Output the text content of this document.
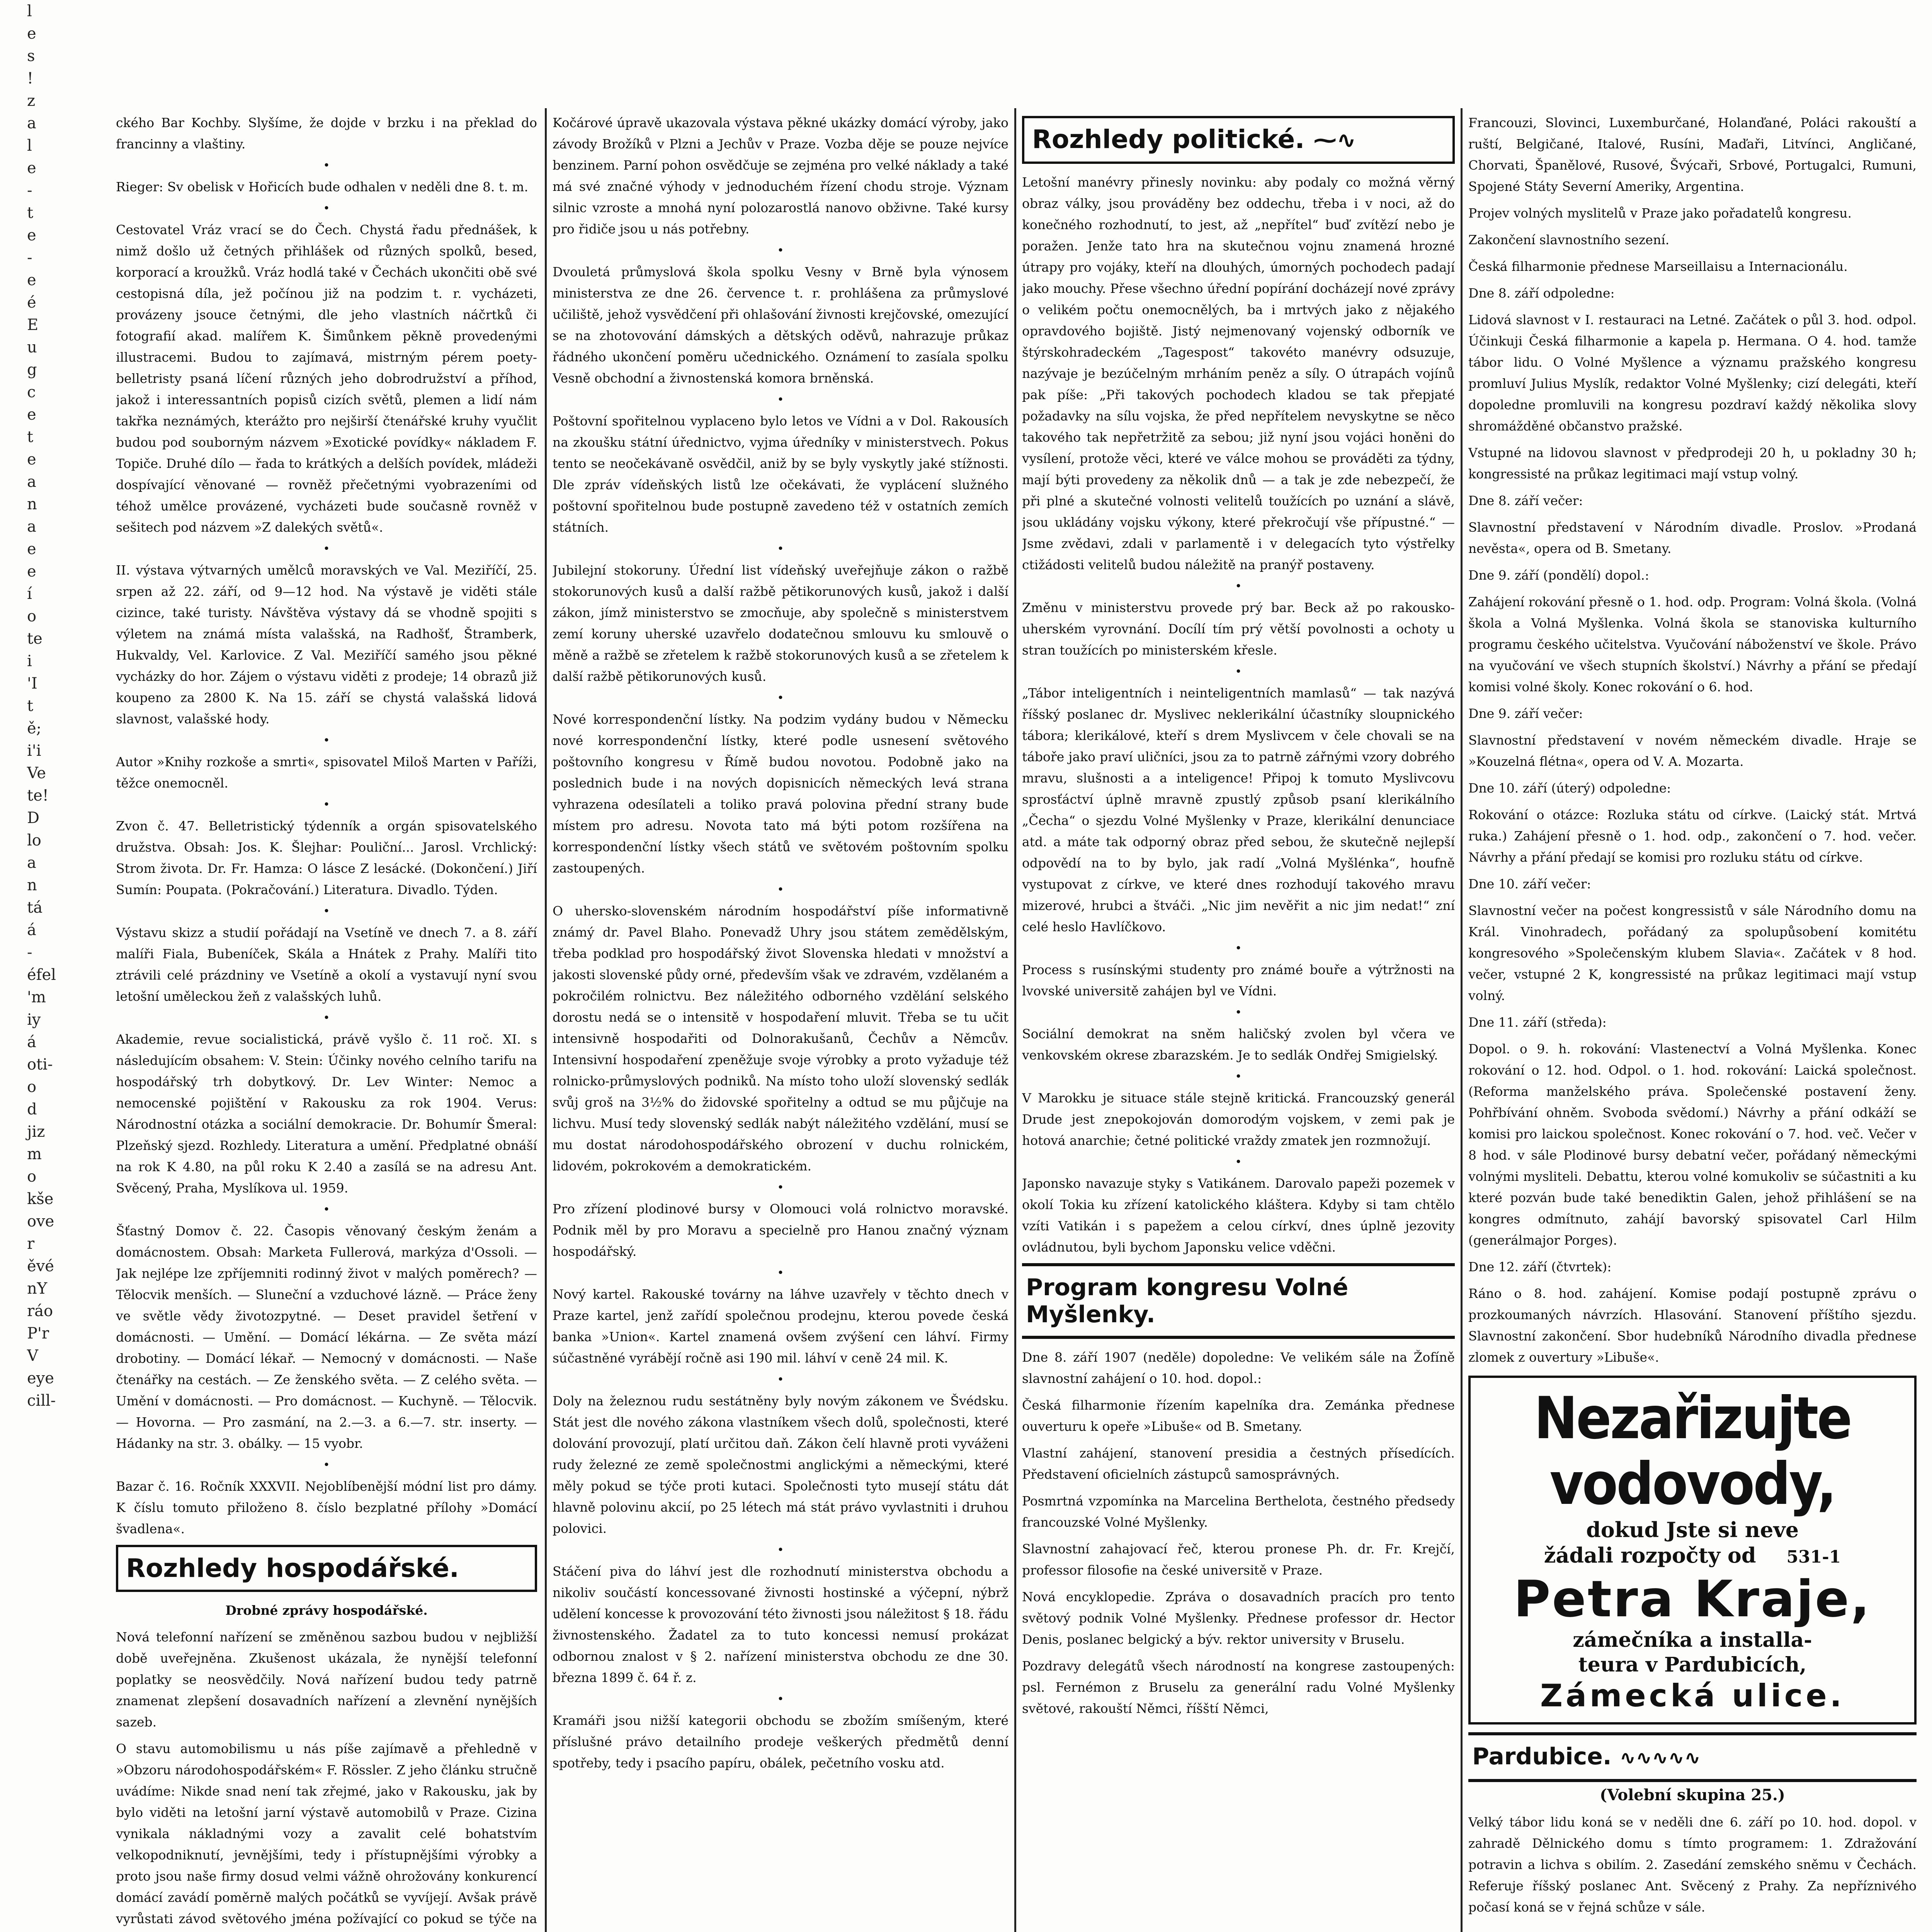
l
e
s
!
z
a
l
e
-
t
e
-
e
é
E
u
g
c
e
t
e
a
n
a
e
e
í
o
te
i
'I
t
ě;
i'i
Ve
te!
D
lo
a
n
tá
á
-
éfel
'm
iy
á
oti-
o
d
jiz
m
o
kše
ove
r
ěvé
nY
ráo
P'r
V
eye
cill-

ckého Bar Kochby. Slyšíme, že dojde v brzku i na překlad do francinny a vlaštiny.

•

Rieger: Sv obelisk v Hořicích bude odhalen v neděli dne 8. t. m.

•

Cestovatel Vráz vrací se do Čech. Chystá řadu přednášek, k nimž došlo už četných přihlášek od různých spolků, besed, korporací a kroužků. Vráz hodlá také v Čechách ukončiti obě své cestopisná díla, jež počínou již na podzim t. r. vycházeti, provázeny jsouce četnými, dle jeho vlastních náčrtků či fotografií akad. malířem K. Šimůnkem pěkně provedenými illustracemi. Budou to zajímavá, mistrným pérem poety-belletristy psaná líčení různých jeho dobrodružství a příhod, jakož i interessantních popisů cizích světů, plemen a lidí nám takřka neznámých, kterážto pro nejširší čtenářské kruhy vyučlit budou pod souborným názvem »Exotické povídky« nákladem F. Topiče. Druhé dílo — řada to krátkých a delších povídek, mládeži dospívající věnované — rovněž přečetnými vyobrazeními od téhož umělce provázené, vycházeti bude současně rovněž v sešitech pod názvem »Z dalekých světů«.

•

II. výstava výtvarných umělců moravských ve Val. Meziříčí, 25. srpen až 22. září, od 9—12 hod. Na výstavě je viděti stále cizince, také turisty. Návštěva výstavy dá se vhodně spojiti s výletem na známá místa valašská, na Radhošť, Štramberk, Hukvaldy, Vel. Karlovice. Z Val. Meziříčí samého jsou pěkné vycházky do hor. Zájem o výstavu viděti z prodeje; 14 obrazů již koupeno za 2800 K. Na 15. září se chystá valašská lidová slavnost, valašské hody.

•

Autor »Knihy rozkoše a smrti«, spisovatel Miloš Marten v Paříži, těžce onemocněl.

•

Zvon č. 47. Belletristický týdenník a orgán spisovatelského družstva. Obsah: Jos. K. Šlejhar: Pouliční... Jarosl. Vrchlický: Strom života. Dr. Fr. Hamza: O lásce Z lesácké. (Dokončení.) Jiří Sumín: Poupata. (Pokračování.) Literatura. Divadlo. Týden.

•

Výstavu skizz a studií pořádají na Vsetíně ve dnech 7. a 8. září malíři Fiala, Bubeníček, Skála a Hnátek z Prahy. Malíři tito ztrávili celé prázdniny ve Vsetíně a okolí a vystavují nyní svou letošní uměleckou žeň z valašských luhů.

•

Akademie, revue socialistická, právě vyšlo č. 11 roč. XI. s následujícím obsahem: V. Stein: Účinky nového celního tarifu na hospodářský trh dobytkový. Dr. Lev Winter: Nemoc a nemocenské pojištění v Rakousku za rok 1904. Verus: Národnostní otázka a sociální demokracie. Dr. Bohumír Šmeral: Plzeňský sjezd. Rozhledy. Literatura a umění. Předplatné obnáší na rok K 4.80, na půl roku K 2.40 a zasílá se na adresu Ant. Svěcený, Praha, Myslíkova ul. 1959.

•

Šťastný Domov č. 22. Časopis věnovaný českým ženám a domácnostem. Obsah: Marketa Fullerová, markýza d'Ossoli. — Jak nejlépe lze zpříjemniti rodinný život v malých poměrech? — Tělocvik menších. — Sluneční a vzduchové lázně. — Práce ženy ve světle vědy životozpytné. — Deset pravidel šetření v domácnosti. — Umění. — Domácí lékárna. — Ze světa mází drobotiny. — Domácí lékař. — Nemocný v domácnosti. — Naše čtenářky na cestách. — Ze ženského světa. — Z celého světa. — Umění v domácnosti. — Pro domácnost. — Kuchyně. — Tělocvik. — Hovorna. — Pro zasmání, na 2.—3. a 6.—7. str. inserty. — Hádanky na str. 3. obálky. — 15 vyobr.

•

Bazar č. 16. Ročník XXXVII. Nejoblíbenější módní list pro dámy. K číslu tomuto přiloženo 8. číslo bezplatné přílohy »Domácí švadlena«.

Rozhledy hospodářské.

Drobné zprávy hospodářské.

Nová telefonní nařízení se změněnou sazbou budou v nejbližší době uveřejněna. Zkušenost ukázala, že nynější telefonní poplatky se neosvědčily. Nová nařízení budou tedy patrně znamenat zlepšení dosavadních nařízení a zlevnění nynějších sazeb.

O stavu automobilismu u nás píše zajímavě a přehledně v »Obzoru národohospodářském« F. Rössler. Z jeho článku stručně uvádíme: Nikde snad není tak zřejmé, jako v Rakousku, jak by bylo viděti na letošní jarní výstavě automobilů v Praze. Cizina vynikala nákladnými vozy a zavalit celé bohatstvím velkopodniknutí, jevnějšími, tedy i přístupnějšími výrobky a proto jsou naše firmy dosud velmi vážně ohrožovány konkurencí domácí zavádí poměrně malých počátků se vyvíjejí. Avšak právě vyrůstati závod světového jména požívající co pokud se týče na

Kočárové úpravě ukazovala výstava pěkné ukázky domácí výroby, jako závody Brožíků v Plzni a Jechův v Praze. Vozba děje se pouze nejvíce benzinem. Parní pohon osvědčuje se zejména pro velké náklady a také má své značné výhody v jednoduchém řízení chodu stroje. Význam silnic vzroste a mnohá nyní polozarostlá nanovo obživne. Také kursy pro řidiče jsou u nás potřebny.

•

Dvouletá průmyslová škola spolku Vesny v Brně byla výnosem ministerstva ze dne 26. července t. r. prohlášena za průmyslové učiliště, jehož vysvědčení při ohlašování živnosti krejčovské, omezující se na zhotovování dámských a dětských oděvů, nahrazuje průkaz řádného ukončení poměru učednického. Oznámení to zasíala spolku Vesně obchodní a živnostenská komora brněnská.

•

Poštovní spořitelnou vyplaceno bylo letos ve Vídni a v Dol. Rakousích na zkoušku státní úřednictvo, vyjma úředníky v ministerstvech. Pokus tento se neočekávaně osvědčil, aniž by se byly vyskytly jaké stížnosti. Dle zpráv vídeňských listů lze očekávati, že vyplácení služného poštovní spořitelnou bude postupně zavedeno též v ostatních zemích státních.

•

Jubilejní stokoruny. Úřední list vídeňský uveřejňuje zákon o ražbě stokorunových kusů a další ražbě pětikorunových kusů, jakož i další zákon, jímž ministerstvo se zmocňuje, aby společně s ministerstvem zemí koruny uherské uzavřelo dodatečnou smlouvu ku smlouvě o měně a ražbě se zřetelem k ražbě stokorunových kusů a se zřetelem k další ražbě pětikorunových kusů.

•

Nové korrespondenční lístky. Na podzim vydány budou v Německu nové korrespondenční lístky, které podle usnesení světového poštovního kongresu v Římě budou novotou. Podobně jako na poslednich bude i na nových dopisnicích německých levá strana vyhrazena odesílateli a toliko pravá polovina přední strany bude místem pro adresu. Novota tato má býti potom rozšířena na korrespondenční lístky všech států ve světovém poštovním spolku zastoupených.

•

O uhersko-slovenském národním hospodářství píše informativně známý dr. Pavel Blaho. Ponevadž Uhry jsou státem zemědělským, třeba podklad pro hospodářský život Slovenska hledati v množství a jakosti slovenské půdy orné, především však ve zdravém, vzdělaném a pokročilém rolnictvu. Bez náležitého odborného vzdělání selského dorostu nedá se o intensitě v hospodaření mluvit. Třeba se tu učit intensivně hospodařiti od Dolnorakušanů, Čechův a Němcův. Intensivní hospodaření zpeněžuje svoje výrobky a proto vyžaduje též rolnicko-průmyslových podniků. Na místo toho uloží slovenský sedlák svůj groš na 3½% do židovské spořitelny a odtud se mu půjčuje na lichvu. Musí tedy slovenský sedlák nabýt náležitého vzdělání, musí se mu dostat národohospodářského obrození v duchu rolnickém, lidovém, pokrokovém a demokratickém.

•

Pro zřízení plodinové bursy v Olomouci volá rolnictvo moravské. Podnik měl by pro Moravu a specielně pro Hanou značný význam hospodářský.

•

Nový kartel. Rakouské továrny na láhve uzavřely v těchto dnech v Praze kartel, jenž zařídí společnou prodejnu, kterou povede česká banka »Union«. Kartel znamená ovšem zvýšení cen láhví. Firmy súčastněné vyrábějí ročně asi 190 mil. láhví v ceně 24 mil. K.

•

Doly na železnou rudu sestátněny byly novým zákonem ve Švédsku. Stát jest dle nového zákona vlastníkem všech dolů, společnosti, které dolování provozují, platí určitou daň. Zákon čelí hlavně proti vyváženi rudy železné ze země společnostmi anglickými a německými, které měly pokud se týče proti kutaci. Společnosti tyto musejí státu dát hlavně polovinu akcií, po 25 létech má stát právo vyvlastniti i druhou polovici.

•

Stáčení piva do láhví jest dle rozhodnutí ministerstva obchodu a nikoliv součástí koncessované živnosti hostinské a výčepní, nýbrž udělení koncesse k provozování této živnosti jsou náležitost § 18. řádu živnostenského. Žadatel za to tuto koncessi nemusí prokázat odbornou znalost v § 2. nařízení ministerstva obchodu ze dne 30. března 1899 č. 64 ř. z.

•

Kramáři jsou nižší kategorii obchodu se zbožím smíšeným, které příslušné právo detailního prodeje veškerých předmětů denní spotřeby, tedy i psacího papíru, obálek, pečetního vosku atd.

Rozhledy politické. ⁓∿

Letošní manévry přinesly novinku: aby podaly co možná věrný obraz války, jsou prováděny bez oddechu, třeba i v noci, až do konečného rozhodnutí, to jest, až „nepřítel“ buď zvítězí nebo je poražen. Jenže tato hra na skutečnou vojnu znamená hrozné útrapy pro vojáky, kteří na dlouhých, úmorných pochodech padají jako mouchy. Přese všechno úřední popírání docházejí nové zprávy o velikém počtu onemocnělých, ba i mrtvých jako z nějakého opravdového bojiště. Jistý nejmenovaný vojenský odborník ve štýrskohradeckém „Tagespost“ takovéto manévry odsuzuje, nazývaje je bezúčelným mrháním peněz a síly. O útrapách vojínů pak píše: „Při takových pochodech kladou se tak přepjaté požadavky na sílu vojska, že před nepřítelem nevyskytne se něco takového tak nepřetržitě za sebou; již nyní jsou vojáci honěni do vysílení, protože věci, které ve válce mohou se prováděti za týdny, mají býti provedeny za několik dnů — a tak je zde nebezpečí, že při plné a skutečné volnosti velitelů toužících po uznání a slávě, jsou ukládány vojsku výkony, které překročují vše přípustné.“ — Jsme zvědavi, zdali v parlamentě i v delegacích tyto výstřelky ctižádosti velitelů budou náležitě na pranýř postaveny.

•

Změnu v ministerstvu provede prý bar. Beck až po rakousko-uherském vyrovnání. Docílí tím prý větší povolnosti a ochoty u stran toužících po ministerském křesle.

•

„Tábor inteligentních i neinteligentních mamlasů“ — tak nazývá říšský poslanec dr. Myslivec neklerikální účastníky sloupnického tábora; klerikálové, kteří s drem Myslivcem v čele chovali se na táboře jako praví uličníci, jsou za to patrně zářnými vzory dobrého mravu, slušnosti a a inteligence! Připoj k tomuto Myslivcovu sprosťáctví úplně mravně zpustlý způsob psaní klerikálního „Čecha“ o sjezdu Volné Myšlenky v Praze, klerikální denunciace atd. a máte tak odporný obraz před sebou, že skutečně nejlepší odpovědí na to by bylo, jak radí „Volná Myšlénka“, houfně vystupovat z církve, ve které dnes rozhodují takového mravu mizerové, hrubci a štváči. „Nic jim nevěřit a nic jim nedat!“ zní celé heslo Havlíčkovo.

•

Process s rusínskými studenty pro známé bouře a výtržnosti na lvovské universitě zahájen byl ve Vídni.

•

Sociální demokrat na sněm haličský zvolen byl včera ve venkovském okrese zbarazském. Je to sedlák Ondřej Smigielský.

•

V Marokku je situace stále stejně kritická. Francouzský generál Drude jest znepokojován domorodým vojskem, v zemi pak je hotová anarchie; četné politické vraždy zmatek jen rozmnožují.

•

Japonsko navazuje styky s Vatikánem. Darovalo papeži pozemek v okolí Tokia ku zřízení katolického kláštera. Kdyby si tam chtělo vzíti Vatikán i s papežem a celou církví, dnes úplně jezovity ovládnutou, byli bychom Japonsku velice vděčni.

Program kongresu Volné Myšlenky.

Dne 8. září 1907 (neděle) dopoledne: Ve velikém sále na Žofíně slavnostní zahájení o 10. hod. dopol.:

Česká filharmonie řízením kapelníka dra. Zemánka přednese ouverturu k opeře »Libuše« od B. Smetany.

Vlastní zahájení, stanovení presidia a čestných přísedících. Představení oficielních zástupců samosprávných.

Posmrtná vzpomínka na Marcelina Berthelota, čestného předsedy francouzské Volné Myšlenky.

Slavnostní zahajovací řeč, kterou pronese Ph. dr. Fr. Krejčí, professor filosofie na české universitě v Praze.

Nová encyklopedie. Zpráva o dosavadních pracích pro tento světový podnik Volné Myšlenky. Přednese professor dr. Hector Denis, poslanec belgický a býv. rektor university v Bruselu.

Pozdravy delegátů všech národností na kongrese zastoupených: psl. Fernémon z Bruselu za generální radu Volné Myšlenky světové, rakouští Němci, říšští Němci,

Francouzi, Slovinci, Luxemburčané, Holanďané, Poláci rakouští a ruští, Belgičané, Italové, Rusíni, Maďaři, Litvínci, Angličané, Chorvati, Španělové, Rusové, Švýcaři, Srbové, Portugalci, Rumuni, Spojené Státy Severní Ameriky, Argentina.

Projev volných myslitelů v Praze jako pořadatelů kongresu.

Zakončení slavnostního sezení.

Česká filharmonie přednese Marseillaisu a Internacionálu.

Dne 8. září odpoledne:

Lidová slavnost v I. restauraci na Letné. Začátek o půl 3. hod. odpol. Účinkuji Česká filharmonie a kapela p. Hermana. O 4. hod. tamže tábor lidu. O Volné Myšlence a významu pražského kongresu promluví Julius Myslík, redaktor Volné Myšlenky; cizí delegáti, kteří dopoledne promluvili na kongresu pozdraví každý několika slovy shromážděné občanstvo pražské.

Vstupné na lidovou slavnost v předprodeji 20 h, u pokladny 30 h; kongressisté na průkaz legitimaci mají vstup volný.

Dne 8. září večer:

Slavnostní představení v Národním divadle. Proslov. »Prodaná nevěsta«, opera od B. Smetany.

Dne 9. září (pondělí) dopol.:

Zahájení rokování přesně o 1. hod. odp. Program: Volná škola. (Volná škola a Volná Myšlenka. Volná škola se stanoviska kulturního programu českého učitelstva. Vyučování náboženství ve škole. Právo na vyučování ve všech stupních školství.) Návrhy a přání se předají komisi volné školy. Konec rokování o 6. hod.

Dne 9. září večer:

Slavnostní představení v novém německém divadle. Hraje se »Kouzelná flétna«, opera od V. A. Mozarta.

Dne 10. září (úterý) odpoledne:

Rokování o otázce: Rozluka státu od církve. (Laický stát. Mrtvá ruka.) Zahájení přesně o 1. hod. odp., zakončení o 7. hod. večer. Návrhy a přání předají se komisi pro rozluku státu od církve.

Dne 10. září večer:

Slavnostní večer na počest kongressistů v sále Národního domu na Král. Vinohradech, pořádaný za spolupůsobení komitétu kongresového »Společenským klubem Slavia«. Začátek v 8 hod. večer, vstupné 2 K, kongressisté na průkaz legitimaci mají vstup volný.

Dne 11. září (středa):

Dopol. o 9. h. rokování: Vlastenectví a Volná Myšlenka. Konec rokování o 12. hod. Odpol. o 1. hod. rokování: Laická společnost. (Reforma manželského práva. Společenské postavení ženy. Pohřbívání ohněm. Svoboda svědomí.) Návrhy a přání odkáží se komisi pro laickou společnost. Konec rokování o 7. hod. več. Večer v 8 hod. v sále Plodinové bursy debatní večer, pořádaný německými volnými mysliteli. Debattu, kterou volné komukoliv se súčastniti a ku které pozván bude také benediktin Galen, jehož přihlášení se na kongres odmítnuto, zahájí bavorský spisovatel Carl Hilm (generálmajor Porges).

Dne 12. září (čtvrtek):

Ráno o 8. hod. zahájení. Komise podají postupně zprávu o prozkoumaných návrzích. Hlasování. Stanovení příštího sjezdu. Slavnostní zakončení. Sbor hudebníků Národního divadla přednese zlomek z ouvertury »Libuše«.

Nezařizujte vodovody,
dokud Jste si neve
žádali rozpočty od 531-1
Petra Kraje,
zámečníka a installa-
teura v Pardubicích,
Zámecká ulice.
Pardubice. ∿∿∿∿∿

(Volební skupina 25.)

Velký tábor lidu koná se v neděli dne 6. září po 10. hod. dopol. v zahradě Dělnického domu s tímto programem: 1. Zdražování potravin a lichva s obilím. 2. Zasedání zemského sněmu v Čechách. Referuje říšský poslanec Ant. Svěcený z Prahy. Za nepříznivého počasí koná se v řejná schůze v sále.
